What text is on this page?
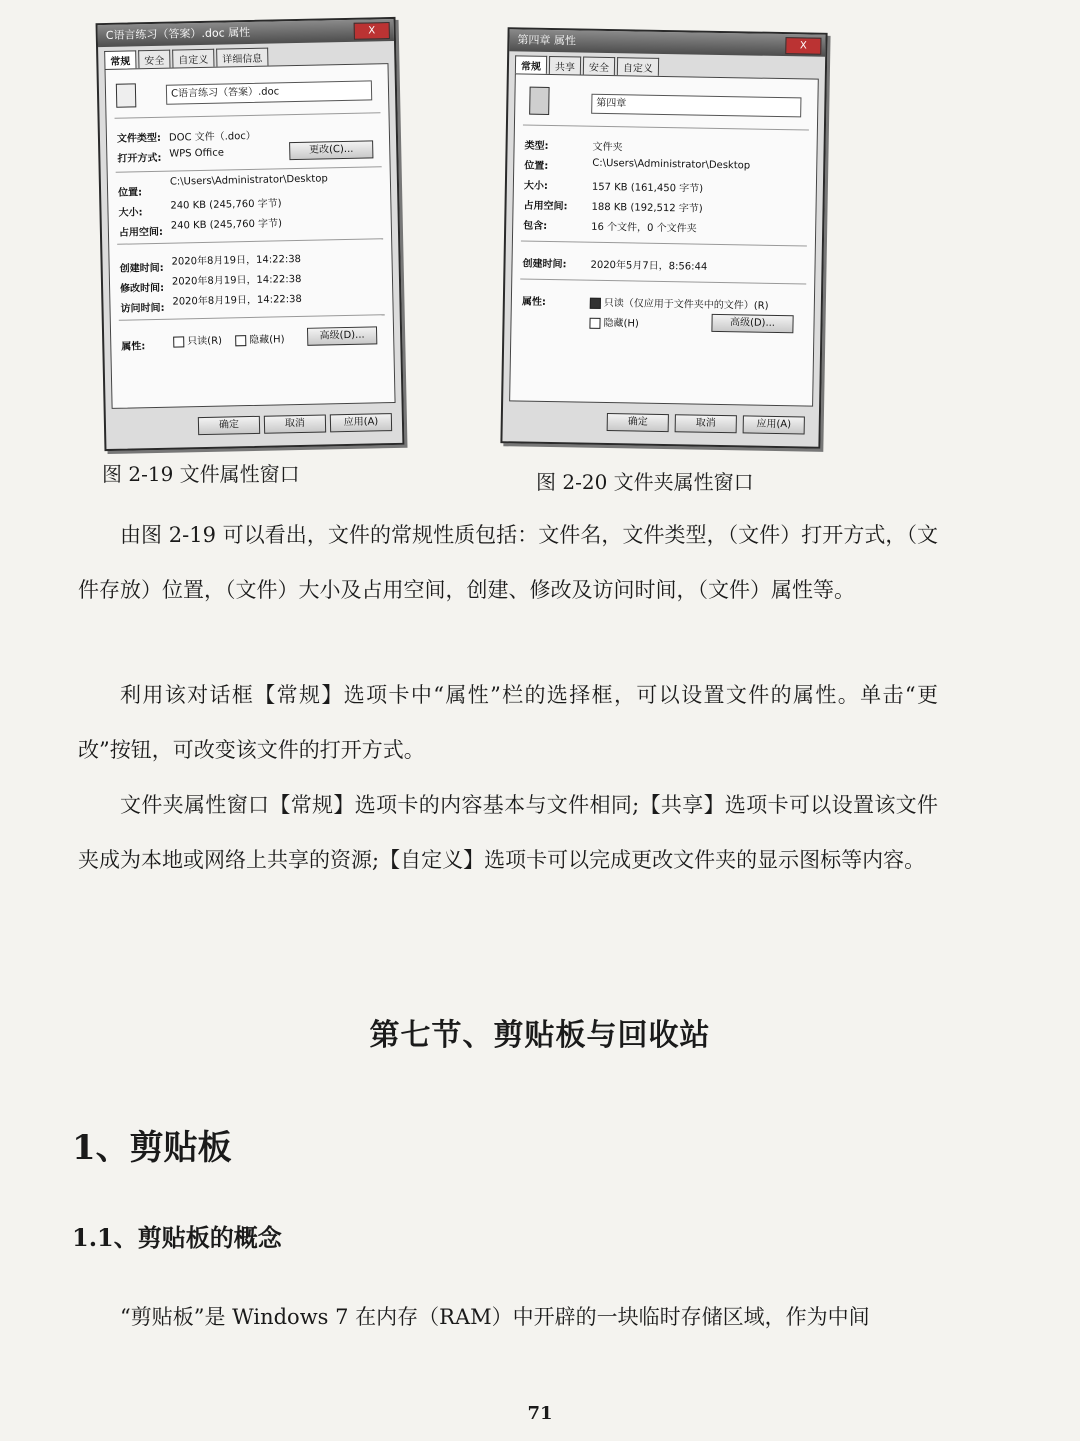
C语言练习（答案）.doc 属性	X
常规	安全	自定义	详细信息
C语言练习（答案）.doc
文件类型: DOC 文件（.doc）
打开方式: WPS Office	更改(C)...
位置:
C:\Users\Administrator\Desktop
大小:
240 KB (245,760 字节)
占用空间:
240 KB (245,760 字节)
创建时间:
2020年8月19日，14:22:38
修改时间:
2020年8月19日，14:22:38
访问时间:
2020年8月19日，14:22:38
属性:	只读(R)	隐藏(H)	高级(D)...
确定	取消	应用(A)
第四章 属性	X
常规	共享	安全	自定义
第四章
类型:	文件夹
位置:	C:\Users\Administrator\Desktop
大小:	157 KB (161,450 字节)
占用空间: 188 KB (192,512 字节)
包含:	16 个文件，0 个文件夹
创建时间: 2020年5月7日，8:56:44
属性:	只读（仅应用于文件夹中的文件）(R)
隐藏(H)	高级(D)...
确定	取消	应用(A)
图 2-19 文件属性窗口	图 2-20 文件夹属性窗口

由图 2-19 可以看出，文件的常规性质包括：文件名，文件类型，（文件）打开方式，（文件存放）位置，（文件）大小及占用空间，创建、修改及访问时间，（文件）属性等。

利用该对话框【常规】选项卡中“属性”栏的选择框，可以设置文件的属性。单击“更改”按钮，可改变该文件的打开方式。

文件夹属性窗口【常规】选项卡的内容基本与文件相同;【共享】选项卡可以设置该文件夹成为本地或网络上共享的资源;【自定义】选项卡可以完成更改文件夹的显示图标等内容。

第七节、剪贴板与回收站
1、剪贴板
1.1、剪贴板的概念

“剪贴板”是 Windows 7 在内存（RAM）中开辟的一块临时存储区域，作为中间

71
